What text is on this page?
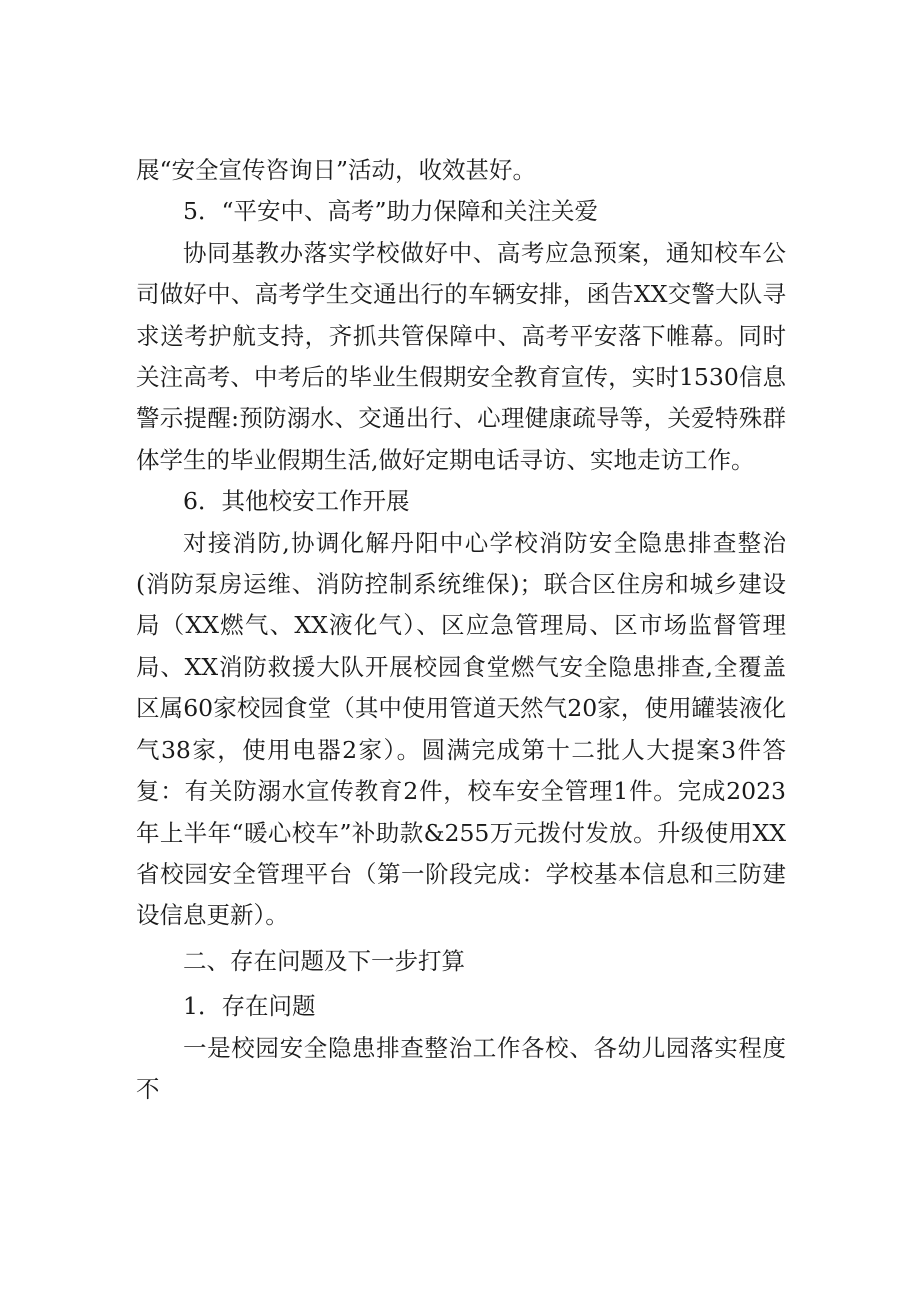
展“安全宣传咨询日”活动，收效甚好。

5．“平安中、高考”助力保障和关注关爱

协同基教办落实学校做好中、高考应急预案，通知校车公司做好中、高考学生交通出行的车辆安排，函告XX交警大队寻求送考护航支持，齐抓共管保障中、高考平安落下帷幕。同时关注高考、中考后的毕业生假期安全教育宣传，实时1530信息警示提醒:预防溺水、交通出行、心理健康疏导等，关爱特殊群体学生的毕业假期生活,做好定期电话寻访、实地走访工作。

6．其他校安工作开展

对接消防,协调化解丹阳中心学校消防安全隐患排查整治(消防泵房运维、消防控制系统维保)；联合区住房和城乡建设局（XX燃气、XX液化气）、区应急管理局、区市场监督管理局、XX消防救援大队开展校园食堂燃气安全隐患排查,全覆盖区属60家校园食堂（其中使用管道天然气20家，使用罐装液化气38家，使用电器2家）。圆满完成第十二批人大提案3件答复：有关防溺水宣传教育2件，校车安全管理1件。完成2023年上半年“暖心校车”补助款&255万元拨付发放。升级使用XX省校园安全管理平台（第一阶段完成：学校基本信息和三防建设信息更新）。

二、存在问题及下一步打算

1．存在问题

一是校园安全隐患排查整治工作各校、各幼儿园落实程度不
